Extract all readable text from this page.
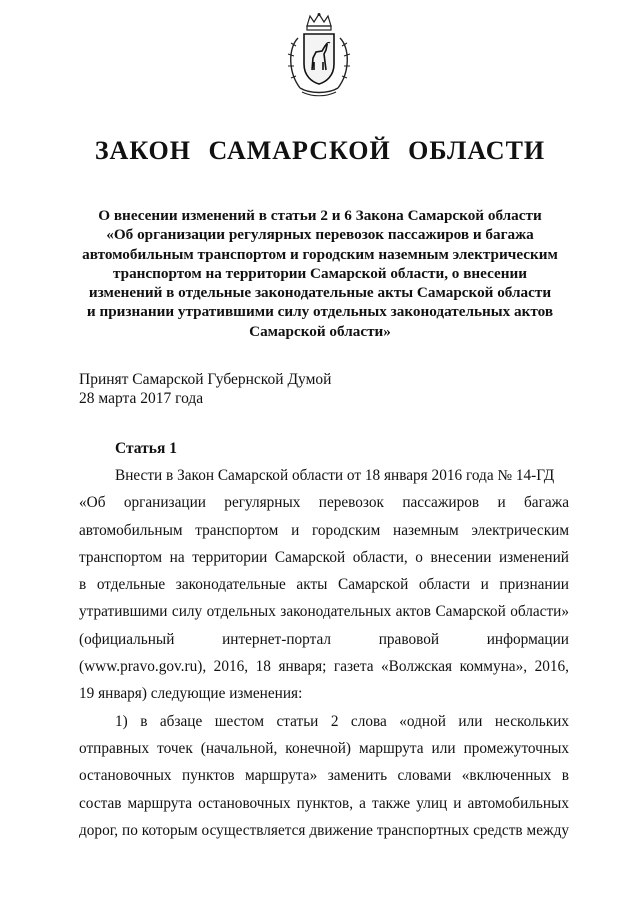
ЗАКОН САМАРСКОЙ ОБЛАСТИ
О внесении изменений в статьи 2 и 6 Закона Самарской области
«Об организации регулярных перевозок пассажиров и багажа
автомобильным транспортом и городским наземным электрическим
транспортом на территории Самарской области, о внесении
изменений в отдельные законодательные акты Самарской области
и признании утратившими силу отдельных законодательных актов
Самарской области»
Принят Самарской Губернской Думой
28 марта 2017 года
Статья 1
Внести в Закон Самарской области от 18 января 2016 года № 14-ГД
«Об организации регулярных перевозок пассажиров и багажа
автомобильным транспортом и городским наземным электрическим
транспортом на территории Самарской области, о внесении изменений
в отдельные законодательные акты Самарской области и признании
утратившими силу отдельных законодательных актов Самарской области»
(официальный интернет-портал правовой информации
(www.pravo.gov.ru), 2016, 18 января; газета «Волжская коммуна», 2016,
19 января) следующие изменения:
1) в абзаце шестом статьи 2 слова «одной или нескольких
отправных точек (начальной, конечной) маршрута или промежуточных
остановочных пунктов маршрута» заменить словами «включенных в
состав маршрута остановочных пунктов, а также улиц и автомобильных
дорог, по которым осуществляется движение транспортных средств между
